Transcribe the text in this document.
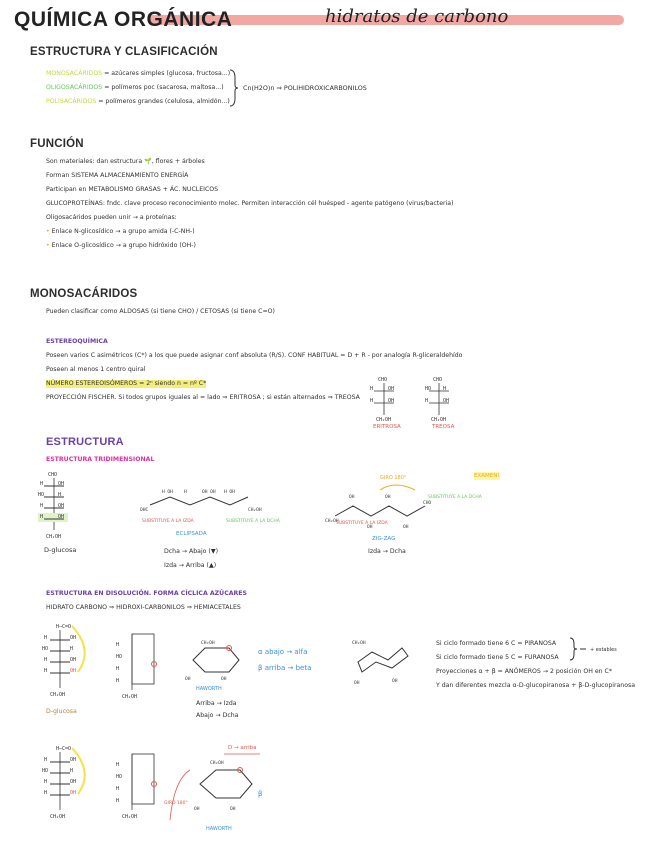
QUÍMICA ORGÁNICA	hidratos de carbono
ESTRUCTURA Y CLASIFICACIÓN
MONOSACÁRIDOS = azúcares simples (glucosa, fructosa...)
OLIGOSACÁRIDOS = polímeros poc (sacarosa, maltosa...)
POLISACÁRIDOS = polímeros grandes (celulosa, almidón...)
Cn(H2O)n ⇒ POLIHIDROXICARBONILOS
FUNCIÓN
Son materiales: dan estructura 🌱, flores + árboles
Forman SISTEMA ALMACENAMIENTO ENERGÍA
Participan en METABOLISMO GRASAS + ÁC. NUCLEICOS
GLUCOPROTEÍNAS: fndc. clave proceso reconocimiento molec. Permiten interacción cél huésped - agente patógeno (virus/bacteria)
Oligosacáridos pueden unir → a proteínas:
• Enlace N-glicosídico → a grupo amida (-C-NH-)
• Enlace O-glicosídico → a grupo hidróxido (OH-)
MONOSACÁRIDOS
Pueden clasificar como ALDOSAS (si tiene CHO) / CETOSAS (si tiene C=O)
ESTEREOQUÍMICA
Poseen varios C asimétricos (C*) a los que puede asignar conf absoluta (R/S). CONF HABITUAL = D + R - por analogía R-gliceraldehído
Poseen al menos 1 centro quiral
NÚMERO ESTEREOISÓMEROS = 2ⁿ siendo n = nº C*
PROYECCIÓN FISCHER. Si todos grupos iguales al = lado ⇒ ERITROSA ; si están alternados ⇒ TREOSA
CHO
H	OH
H	OH
CH₂OH
CHO
HO H
H	OH
CH₂OH
ERITROSA	TREOSA
ESTRUCTURA
ESTRUCTURA TRIDIMENSIONAL
CHO
H	OH
HO	H
H	OH
H	OH
CH₂OH
D-glucosa
H OH H	OH OH H OH
OHC	CH₂OH
ECLIPSADA
SUBSTITUYE A LA IZDA	SUBSTITUYE A LA DCHA
Dcha → Abajo (▼)
Izda → Arriba (▲)
CH₂OH
CHO
OH
OH
OH
OH
GIRO 180°	EXAMEN!
SUBSTITUYE A LA IZDA
SUBSTITUYE A LA DCHA
ZIG-ZAG
Izda → Dcha
ESTRUCTURA EN DISOLUCIÓN. FORMA CÍCLICA AZÚCARES
HIDRATO CARBONO ⇒ HIDROXI-CARBONILOS ⇒ HEMIACETALES
H–C=O
H	OH
HO	H
H	OH
H	OH
CH₂OH
D-glucosa
H
HO
H
H
CH₂OH
CH₂OH
OH	OH
HAWORTH
Arriba → Izda
Abajo → Dcha
α abajo → alfa
β arriba → beta
CH₂OH
OH	OH
Si ciclo formado tiene 6 C = PIRANOSA
Si ciclo formado tiene 5 C = FURANOSA
Proyecciones α + β = ANÓMEROS → 2 posición OH en C*
Y dan diferentes mezcla α-D-glucopiranosa + β-D-glucopiranosa
+ estables
H–C=O
H	OH
HO	H
H	OH
H	OH
CH₂OH
H
HO
H
H
CH₂OH
CH₂OH
OH	OH
GIRO 180°
D → arriba
β
HAWORTH
